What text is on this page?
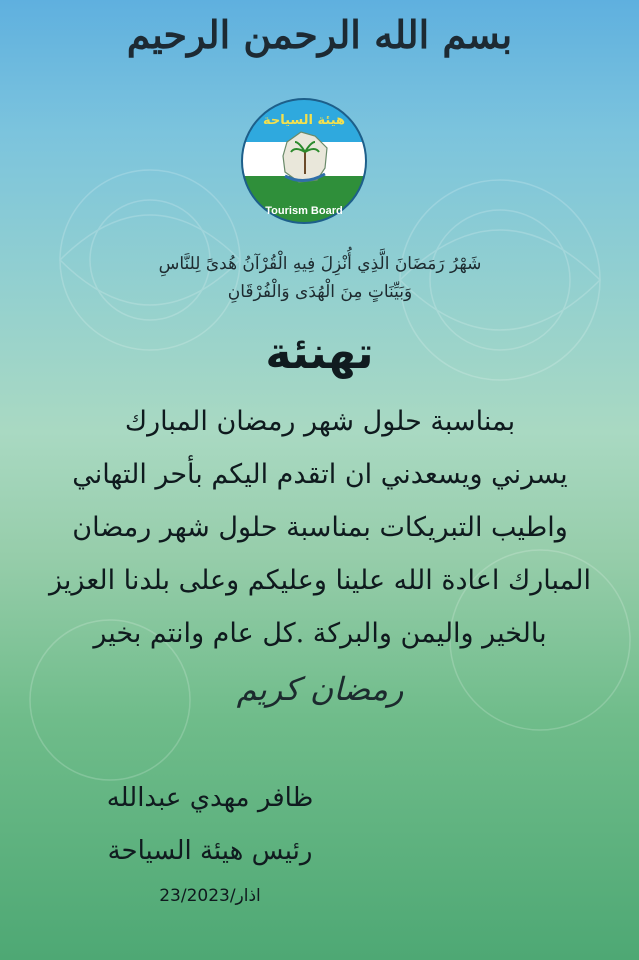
بسم الله الرحمن الرحيم
هيئة السياحة
Tourism Board
شَهْرُ رَمَضَانَ الَّذِي أُنْزِلَ فِيهِ الْقُرْآنُ هُدىً لِلنَّاسِ
وَبَيِّنَاتٍ مِنَ الْهُدَى وَالْفُرْقَانِ
تهنئة
بمناسبة حلول شهر رمضان المبارك
يسرني ويسعدني ان اتقدم اليكم بأحر التهاني
واطيب التبريكات بمناسبة حلول شهر رمضان
المبارك اعادة الله علينا وعليكم وعلى بلدنا العزيز
بالخير واليمن والبركة .كل عام وانتم بخير
رمضان كريم
ظافر مهدي عبدالله
رئيس هيئة السياحة
23/اذار/2023
